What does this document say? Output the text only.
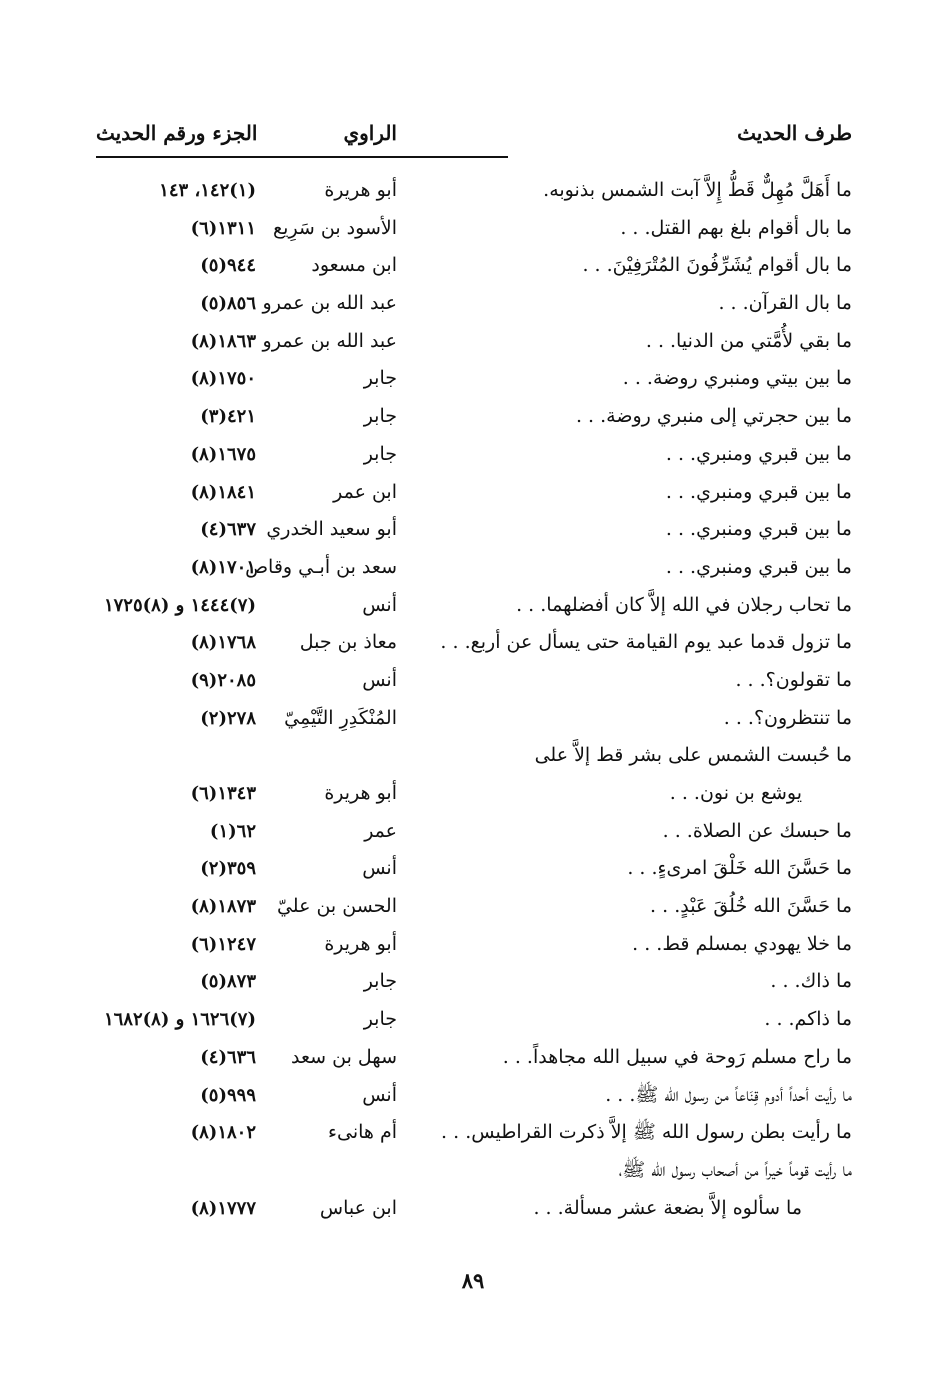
طرف الحديث
الراوي
الجزء ورقم الحديث
ما أَهَلَّ مُهِلٌّ قَطُّ إِلاَّ آبت الشمس بذنوبه.
أبو هريرة
(١)١٤٢، ١٤٣
ما بال أقوام بلغ بهم القتل. . .
الأسود بن سَرِيع
١٣١١(٦)
ما بال أقوام يُشَرِّفُونَ المُتْرَفِيْنَ. . .
ابن مسعود
٩٤٤(٥)
ما بال القرآن. . .
عبد الله بن عمرو
٨٥٦(٥)
ما بقي لأُمَّتي من الدنيا. . .
عبد الله بن عمرو
١٨٦٣(٨)
ما بين بيتي ومنبري روضة. . .
جابر
١٧٥٠(٨)
ما بين حجرتي إلى منبري روضة. . .
جابر
٤٢١(٣)
ما بين قبري ومنبري. . .
جابر
١٦٧٥(٨)
ما بين قبري ومنبري. . .
ابن عمر
١٨٤١(٨)
ما بين قبري ومنبري. . .
أبو سعيد الخدري
٦٣٧(٤)
ما بين قبري ومنبري. . .
سعد بن أبـي وقاص
١٧٠١(٨)
ما تحاب رجلان في الله إلاَّ كان أفضلهما. . .
أنس
(٧)١٤٤٤ و (٨)١٧٢٥
ما تزول قدما عبد يوم القيامة حتى يسأل عن أربع. . .
معاذ بن جبل
١٧٦٨(٨)
ما تقولون؟. . .
أنس
٢٠٨٥(٩)
ما تنتظرون؟. . .
المُنْكَدِرِ التَّيْمِيّ
٢٧٨(٢)
ما حُبست الشمس على بشر قط إلاَّ على
يوشع بن نون. . .
أبو هريرة
١٣٤٣(٦)
ما حبسك عن الصلاة. . .
عمر
٦٢(١)
ما حَسَّنَ الله خَلْقَ امرىءٍ. . .
أنس
٣٥٩(٢)
ما حَسَّنَ الله خُلُقَ عَبْدٍ. . .
الحسن بن عليّ
١٨٧٣(٨)
ما خلا يهودي بمسلم قط. . .
أبو هريرة
١٢٤٧(٦)
ما ذاك. . .
جابر
٨٧٣(٥)
ما ذاكم. . .
جابر
(٧)١٦٢٦ و (٨)١٦٨٢
ما راح مسلم رَوحة في سبيل الله مجاهداً. . .
سهل بن سعد
٦٣٦(٤)
ما رأيت أحداً أدوم قِنَاعاً من رسول الله ﷺ. . .
أنس
٩٩٩(٥)
ما رأيت بطن رسول الله ﷺ إلاَّ ذكرت القراطيس. . .
أم هانىء
١٨٠٢(٨)
ما رأيت قوماً خيراً من أصحاب رسول الله ﷺ،
ما سألوه إلاَّ بضعة عشر مسألة. . .
ابن عباس
١٧٧٧(٨)
٨٩
